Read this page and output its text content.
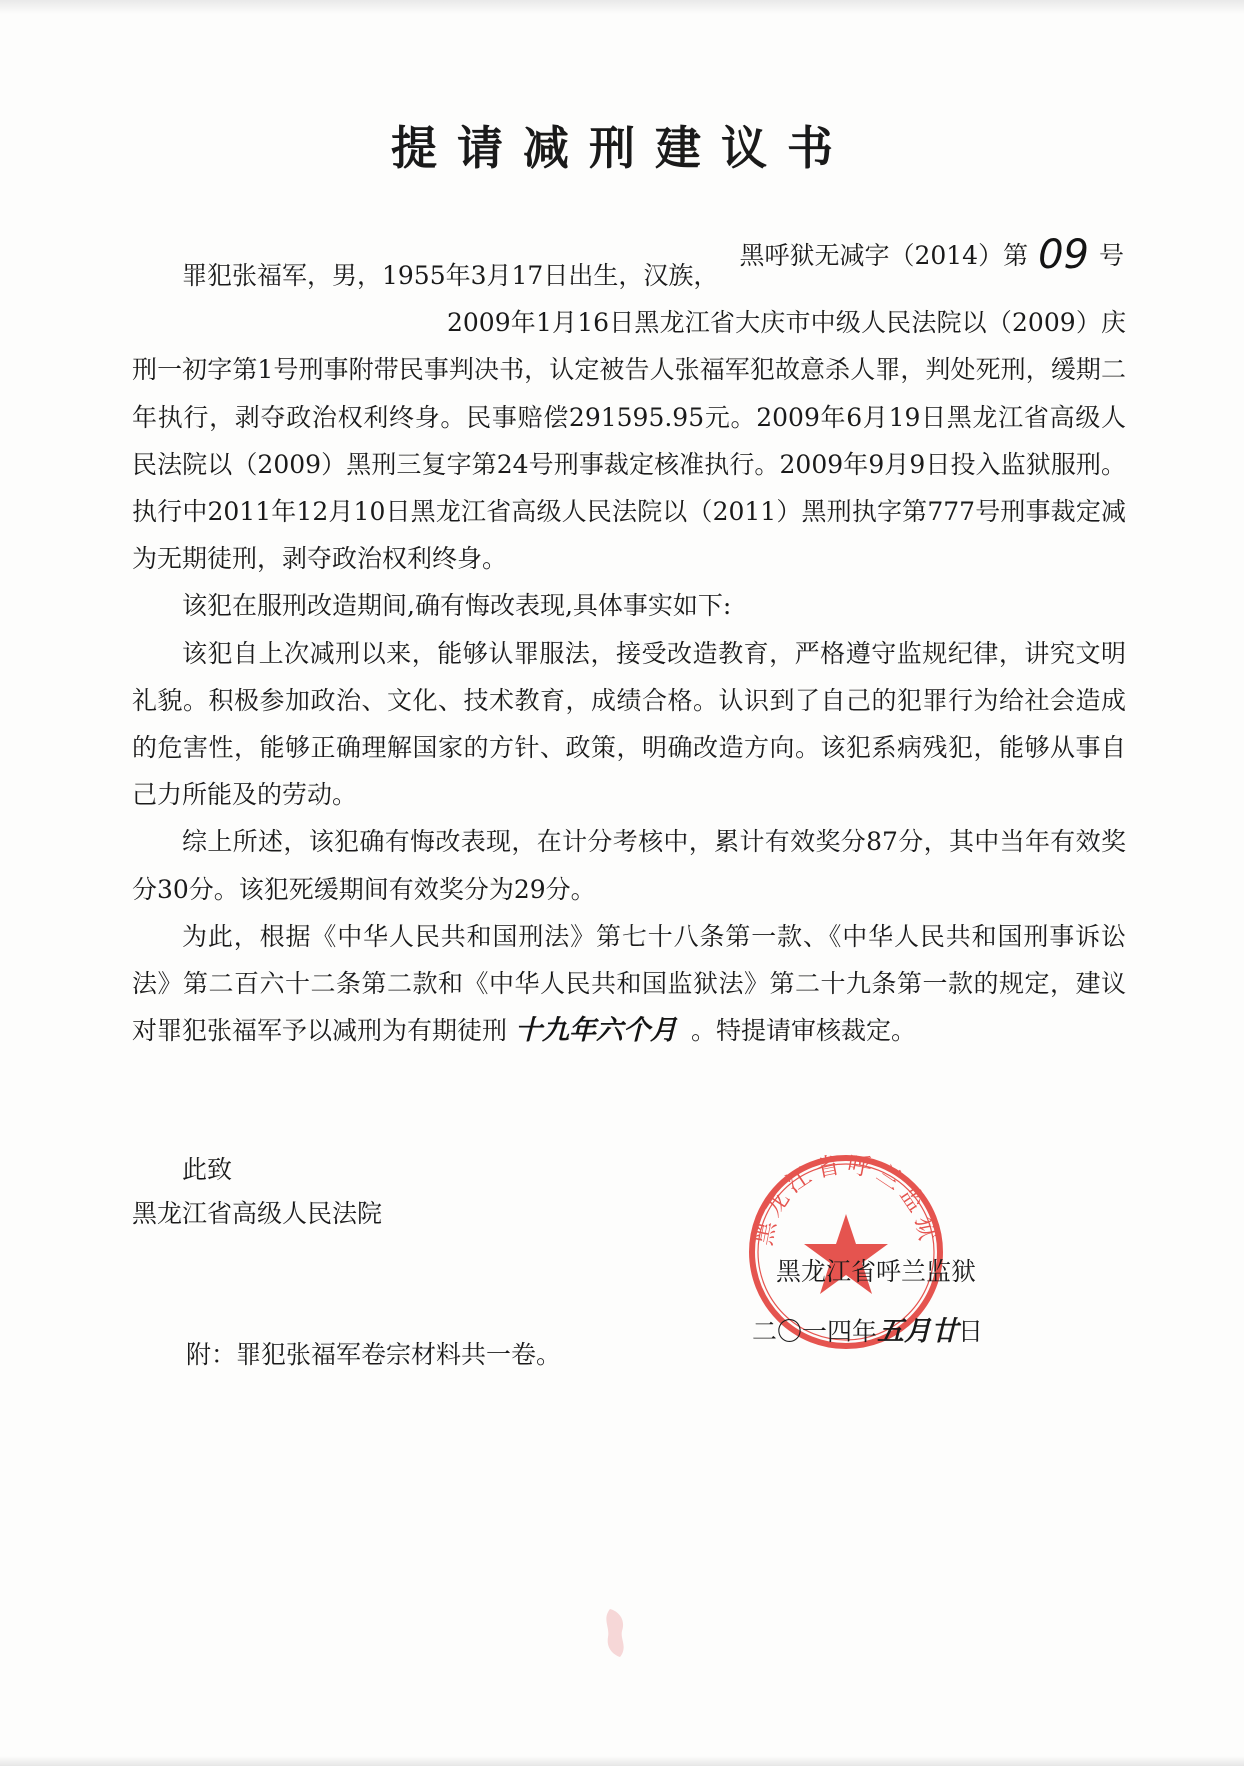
提请减刑建议书
黑呼狱无减字（2014）第 09 号

罪犯张福军，男，1955年3月17日出生，汉族，

2009年1月16日黑龙江省大庆市中级人民法院以（2009）庆刑一初字第1号刑事附带民事判决书，认定被告人张福军犯故意杀人罪，判处死刑，缓期二年执行，剥夺政治权利终身。民事赔偿291595.95元。2009年6月19日黑龙江省高级人民法院以（2009）黑刑三复字第24号刑事裁定核准执行。2009年9月9日投入监狱服刑。执行中2011年12月10日黑龙江省高级人民法院以（2011）黑刑执字第777号刑事裁定减为无期徒刑，剥夺政治权利终身。

该犯在服刑改造期间,确有悔改表现,具体事实如下:

该犯自上次减刑以来，能够认罪服法，接受改造教育，严格遵守监规纪律，讲究文明礼貌。积极参加政治、文化、技术教育，成绩合格。认识到了自己的犯罪行为给社会造成的危害性，能够正确理解国家的方针、政策，明确改造方向。该犯系病残犯，能够从事自己力所能及的劳动。

综上所述，该犯确有悔改表现，在计分考核中，累计有效奖分87分，其中当年有效奖分30分。该犯死缓期间有效奖分为29分。

为此，根据《中华人民共和国刑法》第七十八条第一款、《中华人民共和国刑事诉讼法》第二百六十二条第二款和《中华人民共和国监狱法》第二十九条第一款的规定，建议对罪犯张福军予以减刑为有期徒刑 十九年六个月 。特提请审核裁定。

此致
黑龙江省高级人民法院
黑龙江省呼兰监狱
黑龙江省呼兰监狱
二〇一四年五月廿日
附：罪犯张福军卷宗材料共一卷。
